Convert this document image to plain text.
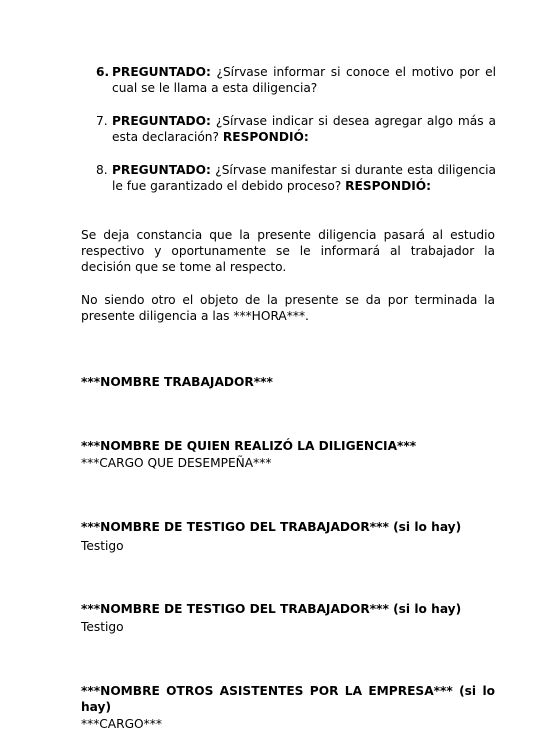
6. PREGUNTADO: ¿Sírvase informar si conoce el motivo por el cual se le llama a esta diligencia?
7. PREGUNTADO: ¿Sírvase indicar si desea agregar algo más a esta declaración? RESPONDIÓ:
8. PREGUNTADO: ¿Sírvase manifestar si durante esta diligencia le fue garantizado el debido proceso? RESPONDIÓ:
Se deja constancia que la presente diligencia pasará al estudio respectivo y oportunamente se le informará al trabajador la decisión que se tome al respecto.
No siendo otro el objeto de la presente se da por terminada la presente diligencia a las ***HORA***.
***NOMBRE TRABAJADOR***
***NOMBRE DE QUIEN REALIZÓ LA DILIGENCIA***
***CARGO QUE DESEMPEÑA***
***NOMBRE DE TESTIGO DEL TRABAJADOR*** (si lo hay)
Testigo
***NOMBRE DE TESTIGO DEL TRABAJADOR*** (si lo hay)
Testigo
***NOMBRE OTROS ASISTENTES POR LA EMPRESA*** (si lo hay)
***CARGO***
